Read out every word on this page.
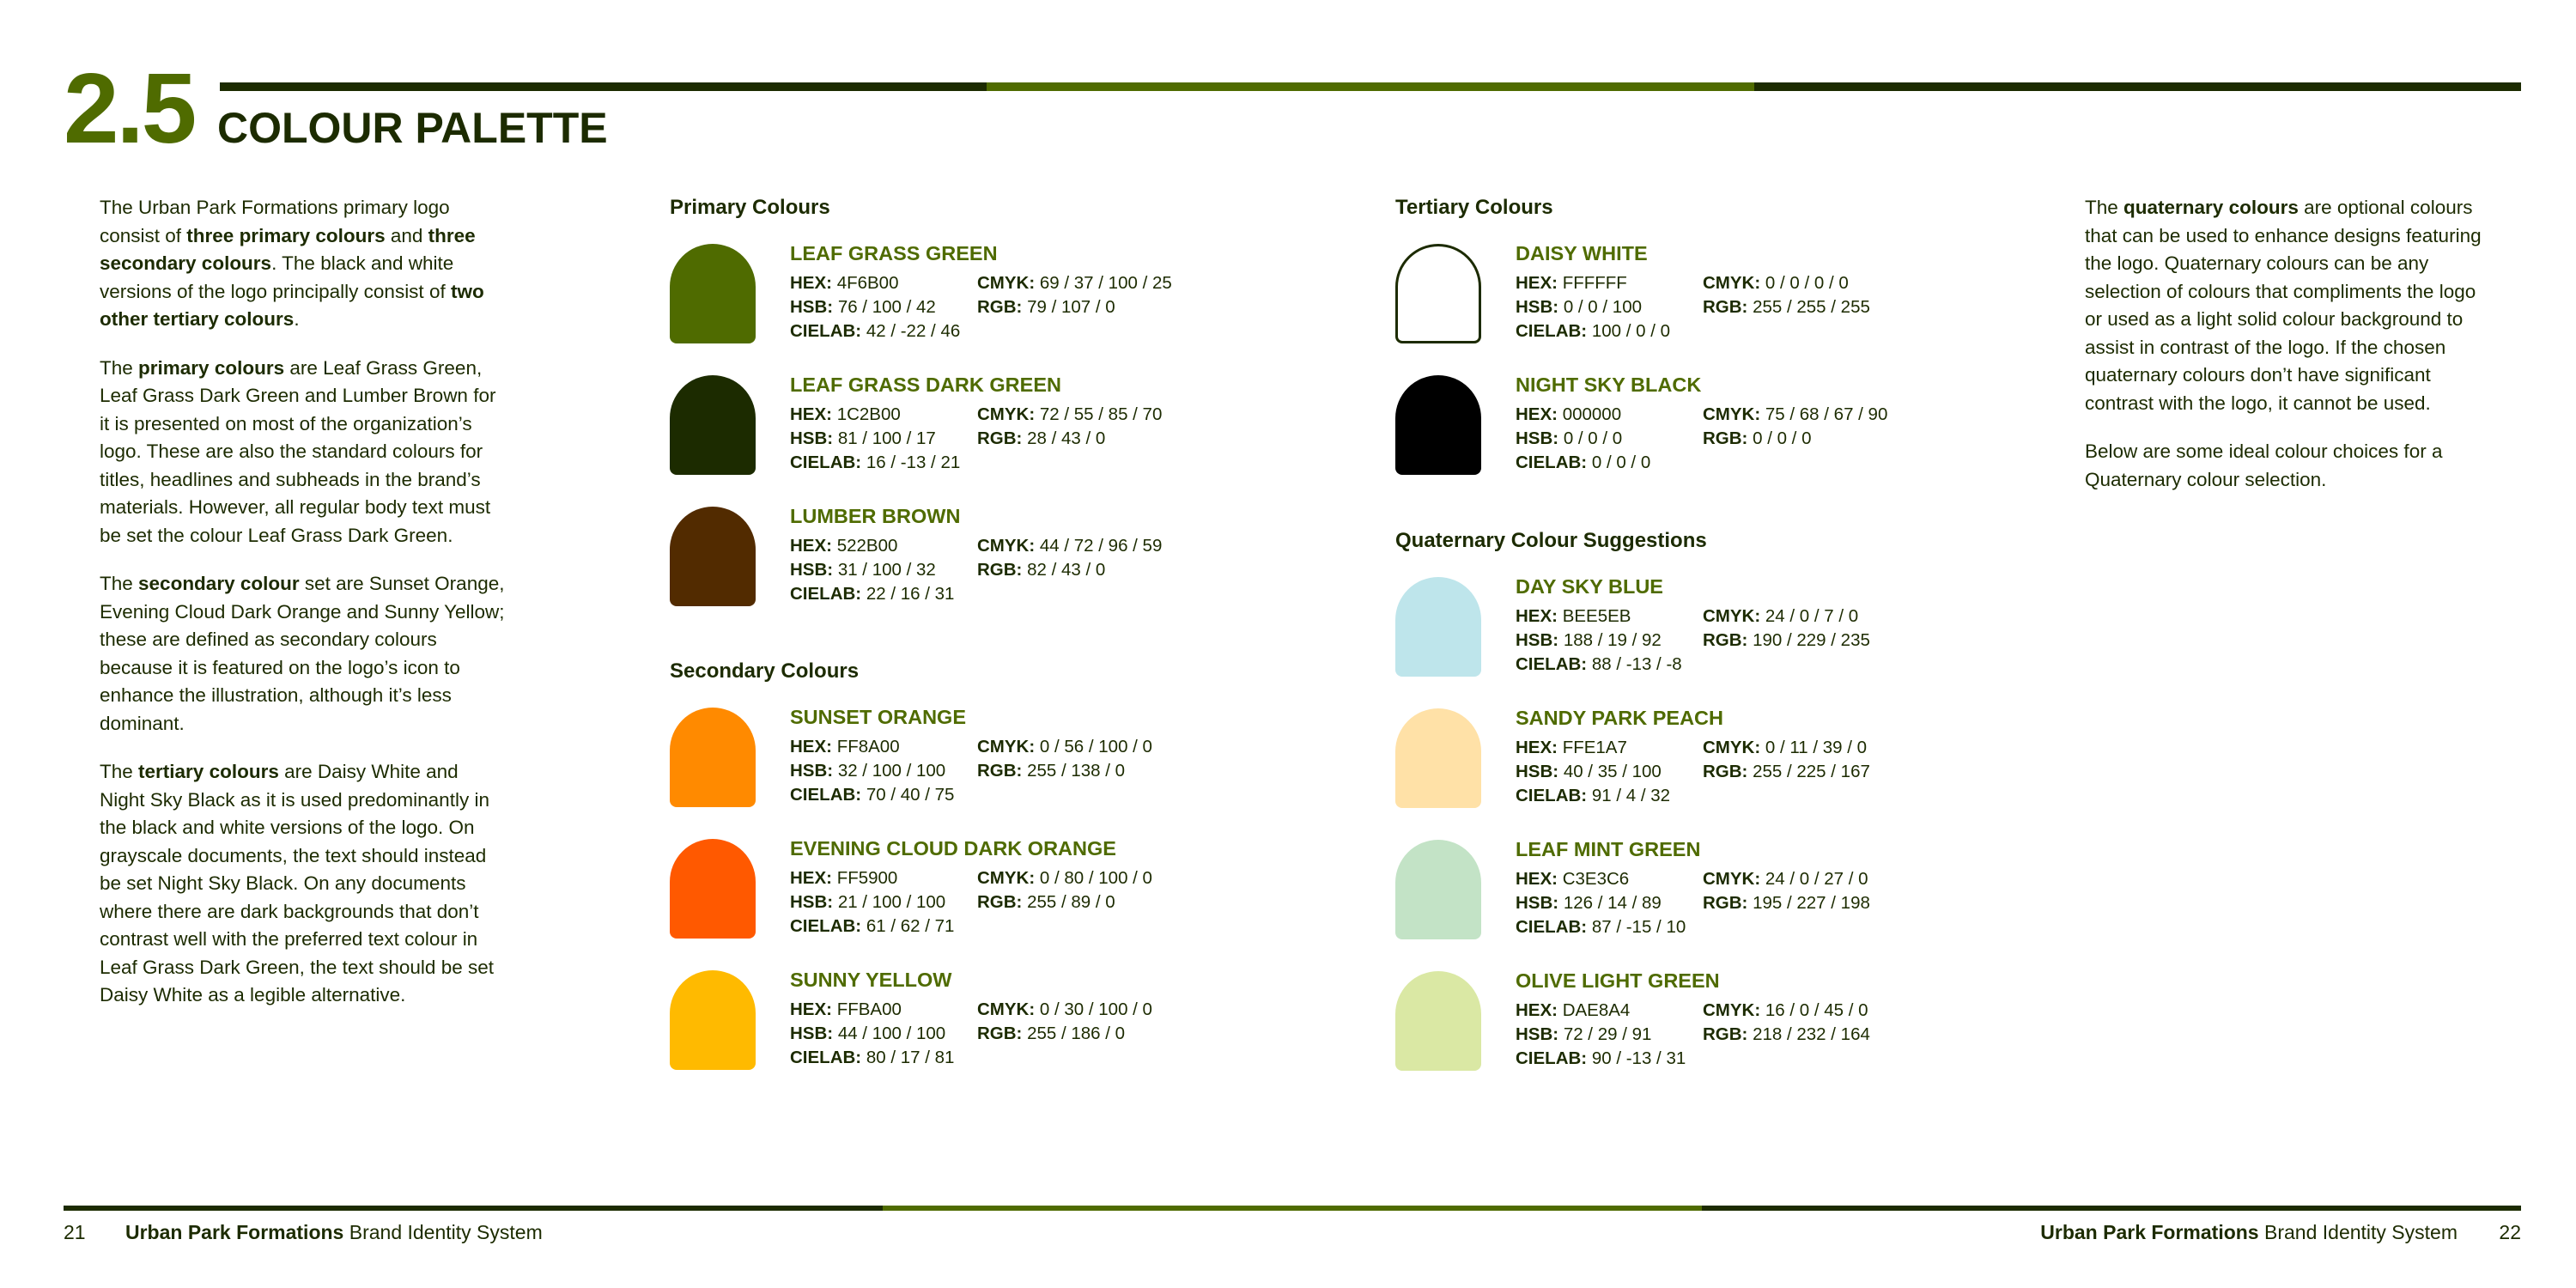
2.5 COLOUR PALETTE

The Urban Park Formations primary logo consist of three primary colours and three secondary colours. The black and white versions of the logo principally consist of two other tertiary colours.

The primary colours are Leaf Grass Green, Leaf Grass Dark Green and Lumber Brown for it is presented on most of the organization’s logo. These are also the standard colours for titles, headlines and subheads in the brand’s materials. However, all regular body text must be set the colour Leaf Grass Dark Green.

The secondary colour set are Sunset Orange, Evening Cloud Dark Orange and Sunny Yellow; these are defined as secondary colours because it is featured on the logo’s icon to enhance the illustration, although it’s less dominant.

The tertiary colours are Daisy White and Night Sky Black as it is used predominantly in the black and white versions of the logo. On grayscale documents, the text should instead be set Night Sky Black. On any documents where there are dark backgrounds that don’t contrast well with the preferred text colour in Leaf Grass Dark Green, the text should be set Daisy White as a legible alternative.

The quaternary colours are optional colours that can be used to enhance designs featuring the logo. Quaternary colours can be any selection of colours that compliments the logo or used as a light solid colour background to assist in contrast of the logo. If the chosen quaternary colours don’t have significant contrast with the logo, it cannot be used.

Below are some ideal colour choices for a Quaternary colour selection.

Primary Colours
LEAF GRASS GREEN
HEX: 4F6B00	CMYK: 69 / 37 / 100 / 25
HSB: 76 / 100 / 42	RGB: 79 / 107 / 0
CIELAB: 42 / -22 / 46
LEAF GRASS DARK GREEN
HEX: 1C2B00	CMYK: 72 / 55 / 85 / 70
HSB: 81 / 100 / 17	RGB: 28 / 43 / 0
CIELAB: 16 / -13 / 21
LUMBER BROWN
HEX: 522B00	CMYK: 44 / 72 / 96 / 59
HSB: 31 / 100 / 32	RGB: 82 / 43 / 0
CIELAB: 22 / 16 / 31
Secondary Colours
SUNSET ORANGE
HEX: FF8A00	CMYK: 0 / 56 / 100 / 0
HSB: 32 / 100 / 100	RGB: 255 / 138 / 0
CIELAB: 70 / 40 / 75
EVENING CLOUD DARK ORANGE
HEX: FF5900	CMYK: 0 / 80 / 100 / 0
HSB: 21 / 100 / 100	RGB: 255 / 89 / 0
CIELAB: 61 / 62 / 71
SUNNY YELLOW
HEX: FFBA00	CMYK: 0 / 30 / 100 / 0
HSB: 44 / 100 / 100	RGB: 255 / 186 / 0
CIELAB: 80 / 17 / 81
Tertiary Colours
DAISY WHITE
HEX: FFFFFF	CMYK: 0 / 0 / 0 / 0
HSB: 0 / 0 / 100	RGB: 255 / 255 / 255
CIELAB: 100 / 0 / 0
NIGHT SKY BLACK
HEX: 000000	CMYK: 75 / 68 / 67 / 90
HSB: 0 / 0 / 0	RGB: 0 / 0 / 0
CIELAB: 0 / 0 / 0
Quaternary Colour Suggestions
DAY SKY BLUE
HEX: BEE5EB	CMYK: 24 / 0 / 7 / 0
HSB: 188 / 19 / 92	RGB: 190 / 229 / 235
CIELAB: 88 / -13 / -8
SANDY PARK PEACH
HEX: FFE1A7	CMYK: 0 / 11 / 39 / 0
HSB: 40 / 35 / 100	RGB: 255 / 225 / 167
CIELAB: 91 / 4 / 32
LEAF MINT GREEN
HEX: C3E3C6	CMYK: 24 / 0 / 27 / 0
HSB: 126 / 14 / 89	RGB: 195 / 227 / 198
CIELAB: 87 / -15 / 10
OLIVE LIGHT GREEN
HEX: DAE8A4	CMYK: 16 / 0 / 45 / 0
HSB: 72 / 29 / 91	RGB: 218 / 232 / 164
CIELAB: 90 / -13 / 31
21 Urban Park Formations Brand Identity System	Urban Park Formations Brand Identity System 22
